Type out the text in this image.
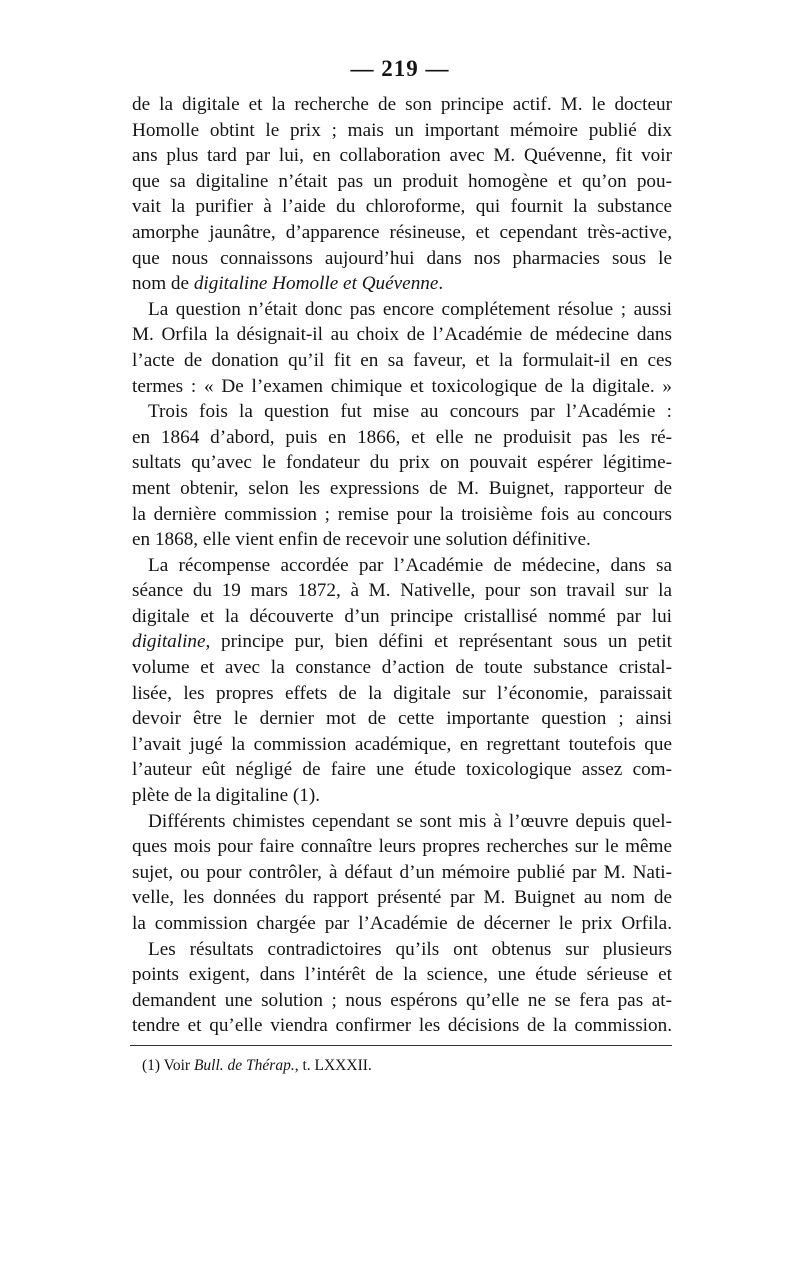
— 219 —
de la digitale et la recherche de son principe actif. M. le docteur
Homolle obtint le prix ; mais un important mémoire publié dix
ans plus tard par lui, en collaboration avec M. Quévenne, fit voir
que sa digitaline n’était pas un produit homogène et qu’on pou-
vait la purifier à l’aide du chloroforme, qui fournit la substance
amorphe jaunâtre, d’apparence résineuse, et cependant très-active,
que nous connaissons aujourd’hui dans nos pharmacies sous le
nom de digitaline Homolle et Quévenne.
La question n’était donc pas encore complétement résolue ; aussi
M. Orfila la désignait-il au choix de l’Académie de médecine dans
l’acte de donation qu’il fit en sa faveur, et la formulait-il en ces
termes : « De l’examen chimique et toxicologique de la digitale. »
Trois fois la question fut mise au concours par l’Académie :
en 1864 d’abord, puis en 1866, et elle ne produisit pas les ré-
sultats qu’avec le fondateur du prix on pouvait espérer légitime-
ment obtenir, selon les expressions de M. Buignet, rapporteur de
la dernière commission ; remise pour la troisième fois au concours
en 1868, elle vient enfin de recevoir une solution définitive.
La récompense accordée par l’Académie de médecine, dans sa
séance du 19 mars 1872, à M. Nativelle, pour son travail sur la
digitale et la découverte d’un principe cristallisé nommé par lui
digitaline, principe pur, bien défini et représentant sous un petit
volume et avec la constance d’action de toute substance cristal-
lisée, les propres effets de la digitale sur l’économie, paraissait
devoir être le dernier mot de cette importante question ; ainsi
l’avait jugé la commission académique, en regrettant toutefois que
l’auteur eût négligé de faire une étude toxicologique assez com-
plète de la digitaline (1).
Différents chimistes cependant se sont mis à l’œuvre depuis quel-
ques mois pour faire connaître leurs propres recherches sur le même
sujet, ou pour contrôler, à défaut d’un mémoire publié par M. Nati-
velle, les données du rapport présenté par M. Buignet au nom de
la commission chargée par l’Académie de décerner le prix Orfila.
Les résultats contradictoires qu’ils ont obtenus sur plusieurs
points exigent, dans l’intérêt de la science, une étude sérieuse et
demandent une solution ; nous espérons qu’elle ne se fera pas at-
tendre et qu’elle viendra confirmer les décisions de la commission.
(1) Voir Bull. de Thérap., t. LXXXII.
